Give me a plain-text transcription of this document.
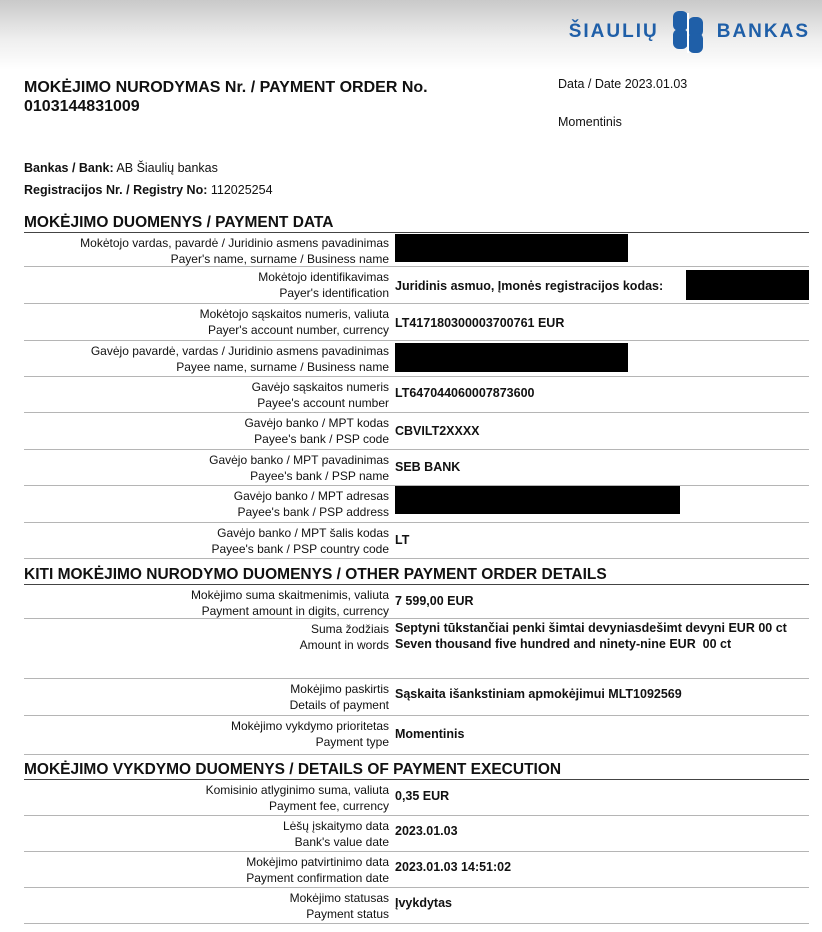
ŠIAULIŲ	BANKAS
MOKĖJIMO NURODYMAS Nr. / PAYMENT ORDER No.
0103144831009
Data / Date 2023.01.03
Momentinis
Bankas / Bank: AB Šiaulių bankas
Registracijos Nr. / Registry No: 112025254
MOKĖJIMO DUOMENYS / PAYMENT DATA
Mokėtojo vardas, pavardė / Juridinio asmens pavadinimas
Payer's name, surname / Business name
Mokėtojo identifikavimas
Payer's identification Juridinis asmuo, Įmonės registracijos kodas:
Mokėtojo sąskaitos numeris, valiuta
Payer's account number, currency LT417180300003700761 EUR
Gavėjo pavardė, vardas / Juridinio asmens pavadinimas
Payee name, surname / Business name
Gavėjo sąskaitos numeris
Payee's account number
LT647044060007873600
Gavėjo banko / MPT kodas
Payee's bank / PSP code
CBVILT2XXXX
Gavėjo banko / MPT pavadinimas
Payee's bank / PSP name
SEB BANK
Gavėjo banko / MPT adresas
Payee's bank / PSP address
Gavėjo banko / MPT šalis kodas
Payee's bank / PSP country code
LT
KITI MOKĖJIMO NURODYMO DUOMENYS / OTHER PAYMENT ORDER DETAILS
Mokėjimo suma skaitmenimis, valiuta
Payment amount in digits, currency
7 599,00 EUR
Suma žodžiais
Amount in words
Septyni tūkstančiai penki šimtai devyniasdešimt devyni EUR 00 ct
Seven thousand five hundred and ninety-nine EUR  00 ct
Mokėjimo paskirtis
Details of payment
Sąskaita išankstiniam apmokėjimui MLT1092569
Mokėjimo vykdymo prioritetas
Payment type
Momentinis
MOKĖJIMO VYKDYMO DUOMENYS / DETAILS OF PAYMENT EXECUTION
Komisinio atlyginimo suma, valiuta
Payment fee, currency
0,35 EUR
Lėšų įskaitymo data
Bank's value date
2023.01.03
Mokėjimo patvirtinimo data
Payment confirmation date
2023.01.03 14:51:02
Mokėjimo statusas
Payment status
Įvykdytas
